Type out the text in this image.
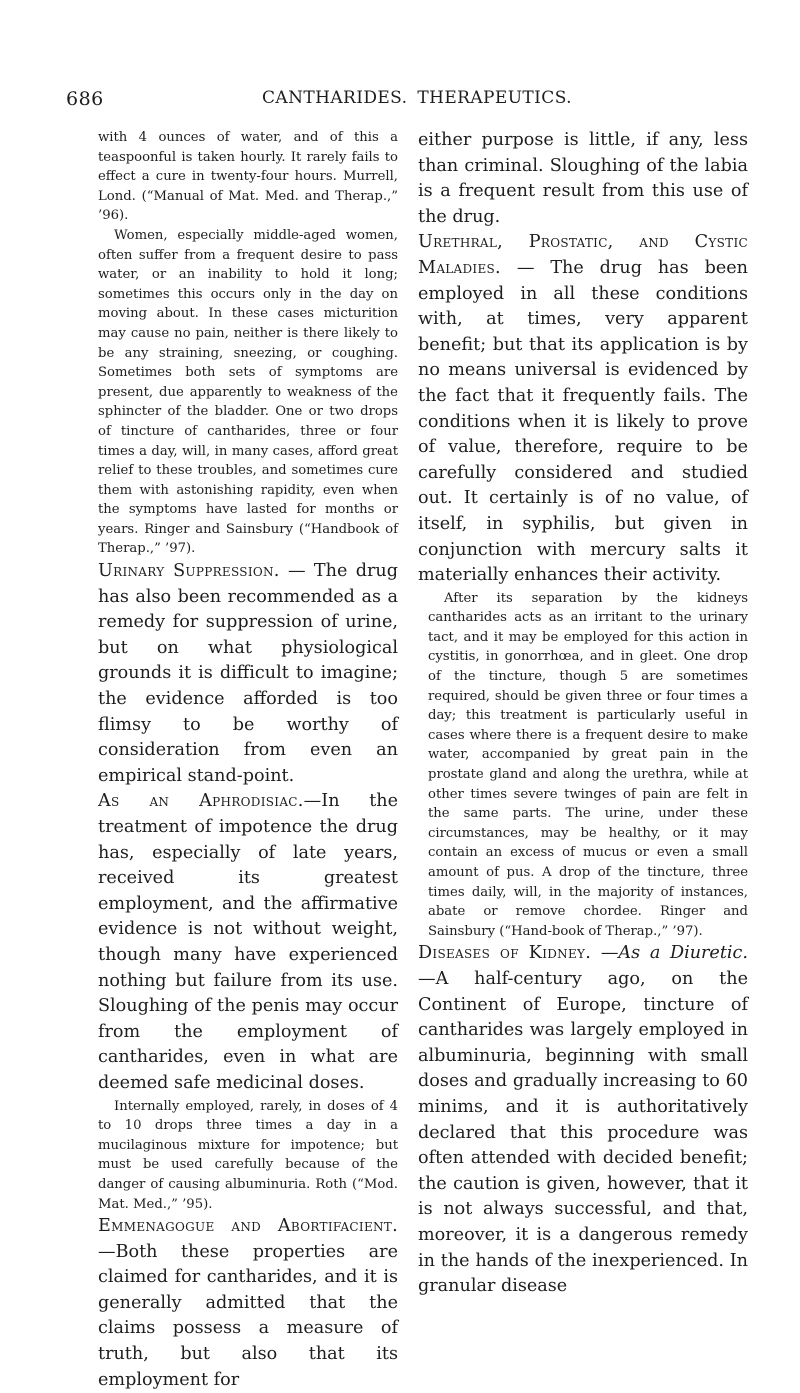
686	CANTHARIDES. THERAPEUTICS.

with 4 ounces of water, and of this a teaspoonful is taken hourly. It rarely fails to effect a cure in twenty-four hours. Murrell, Lond. (“Manual of Mat. Med. and Therap.,” ’96).

Women, especially middle-aged women, often suffer from a frequent desire to pass water, or an inability to hold it long; sometimes this occurs only in the day on moving about. In these cases micturition may cause no pain, neither is there likely to be any straining, sneezing, or coughing. Sometimes both sets of symptoms are present, due apparently to weakness of the sphincter of the bladder. One or two drops of tincture of cantharides, three or four times a day, will, in many cases, afford great relief to these troubles, and sometimes cure them with astonishing rapidity, even when the symptoms have lasted for months or years. Ringer and Sainsbury (“Handbook of Therap.,” ’97).

Urinary Suppression. — The drug has also been recommended as a remedy for suppression of urine, but on what physiological grounds it is difficult to imagine; the evidence afforded is too flimsy to be worthy of consideration from even an empirical stand-point.

As an Aphrodisiac.—In the treatment of impotence the drug has, especially of late years, received its greatest employment, and the affirmative evidence is not without weight, though many have experienced nothing but failure from its use. Sloughing of the penis may occur from the employment of cantharides, even in what are deemed safe medicinal doses.

Internally employed, rarely, in doses of 4 to 10 drops three times a day in a mucilaginous mixture for impotence; but must be used carefully because of the danger of causing albuminuria. Roth (“Mod. Mat. Med.,” ’95).

Emmenagogue and Abortifacient. —Both these properties are claimed for cantharides, and it is generally admitted that the claims possess a measure of truth, but also that its employment for

either purpose is little, if any, less than criminal. Sloughing of the labia is a frequent result from this use of the drug.

Urethral, Prostatic, and Cystic Maladies. — The drug has been employed in all these conditions with, at times, very apparent benefit; but that its application is by no means universal is evidenced by the fact that it frequently fails. The conditions when it is likely to prove of value, therefore, require to be carefully considered and studied out. It certainly is of no value, of itself, in syphilis, but given in conjunction with mercury salts it materially enhances their activity.

After its separation by the kidneys cantharides acts as an irritant to the urinary tact, and it may be employed for this action in cystitis, in gonorrhœa, and in gleet. One drop of the tincture, though 5 are sometimes required, should be given three or four times a day; this treatment is particularly useful in cases where there is a frequent desire to make water, accompanied by great pain in the prostate gland and along the urethra, while at other times severe twinges of pain are felt in the same parts. The urine, under these circumstances, may be healthy, or it may contain an excess of mucus or even a small amount of pus. A drop of the tincture, three times daily, will, in the majority of instances, abate or remove chordee. Ringer and Sainsbury (“Hand-book of Therap.,” ’97).

Diseases of Kidney. —As a Diuretic. —A half-century ago, on the Continent of Europe, tincture of cantharides was largely employed in albuminuria, beginning with small doses and gradually increasing to 60 minims, and it is authoritatively declared that this procedure was often attended with decided benefit; the caution is given, however, that it is not always successful, and that, moreover, it is a dangerous remedy in the hands of the inexperienced. In granular disease
